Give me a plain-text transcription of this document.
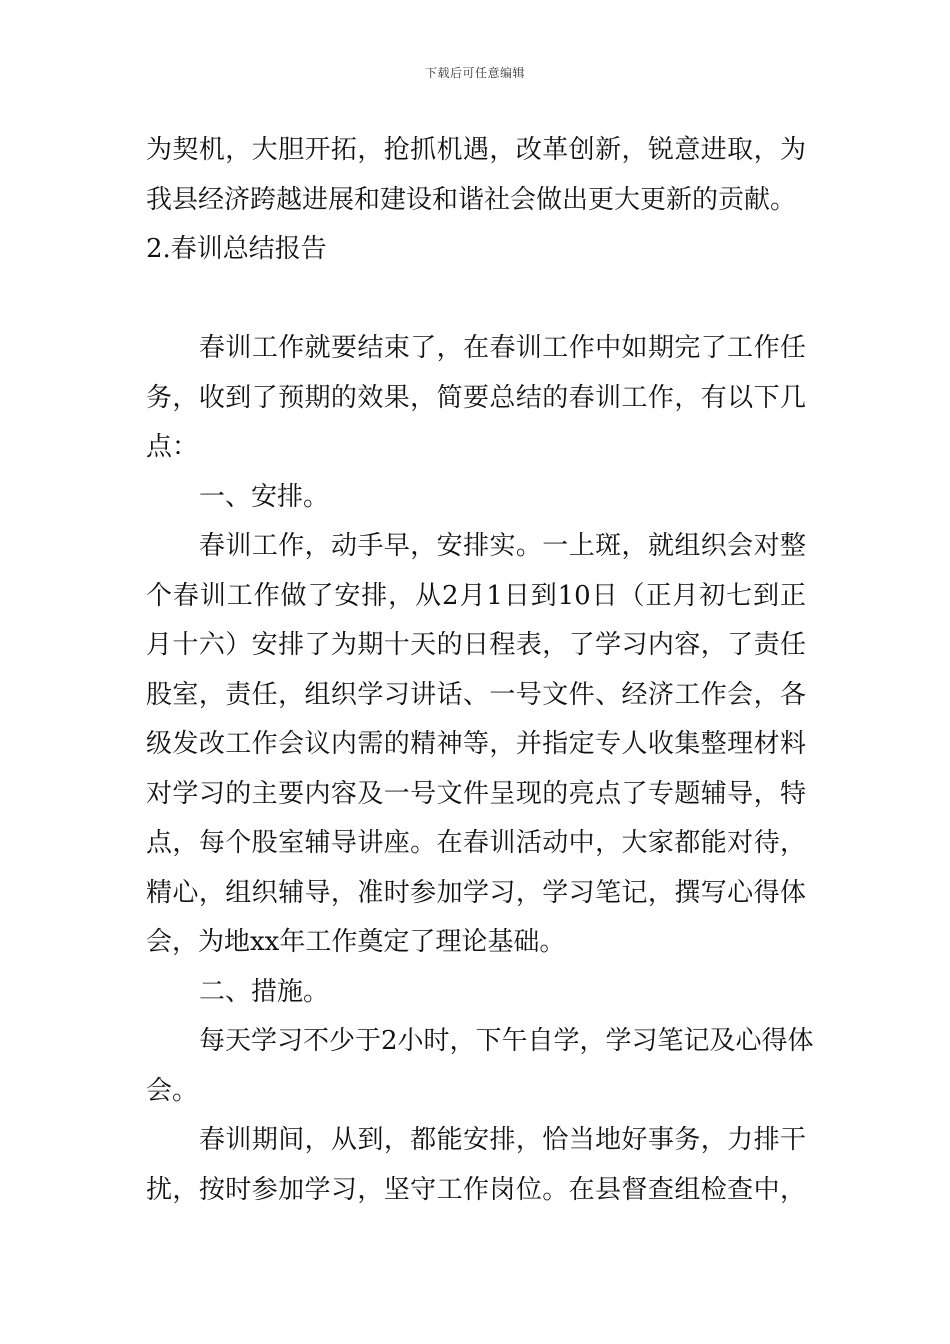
下载后可任意编辑
为契机，大胆开拓，抢抓机遇，改革创新，锐意进取，为
我县经济跨越进展和建设和谐社会做出更大更新的贡献。
2.春训总结报告
春训工作就要结束了，在春训工作中如期完了工作任
务，收到了预期的效果，简要总结的春训工作，有以下几
点：
一、安排。
春训工作，动手早，安排实。一上斑，就组织会对整
个春训工作做了安排，从2月1日到10日（正月初七到正
月十六）安排了为期十天的日程表，了学习内容，了责任
股室，责任，组织学习讲话、一号文件、经济工作会，各
级发改工作会议内需的精神等，并指定专人收集整理材料
对学习的主要内容及一号文件呈现的亮点了专题辅导，特
点，每个股室辅导讲座。在春训活动中，大家都能对待，
精心，组织辅导，准时参加学习，学习笔记，撰写心得体
会，为地xx年工作奠定了理论基础。
二、措施。
每天学习不少于2小时，下午自学，学习笔记及心得体
会。
春训期间，从到，都能安排，恰当地好事务，力排干
扰，按时参加学习，坚守工作岗位。在县督查组检查中，
